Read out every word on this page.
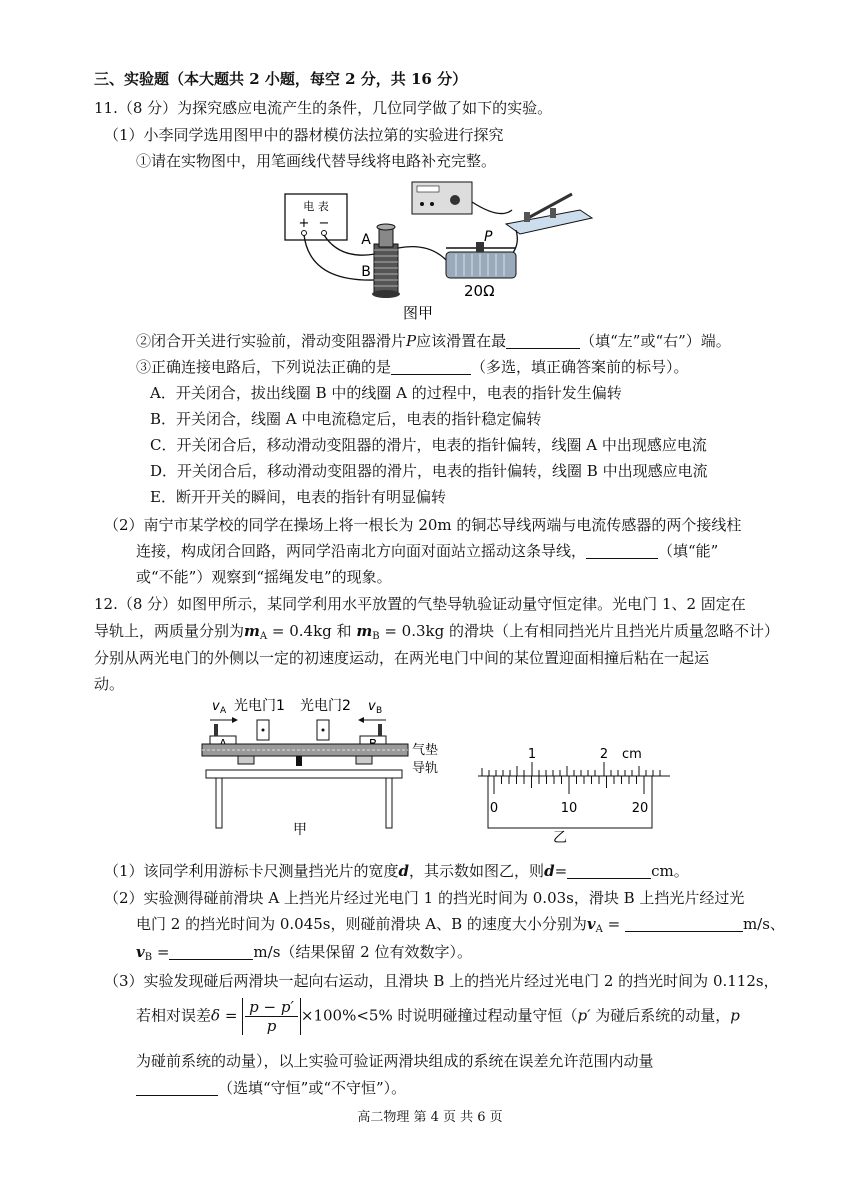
三、实验题（本大题共 2 小题，每空 2 分，共 16 分）
11.（8 分）为探究感应电流产生的条件，几位同学做了如下的实验。
（1）小李同学选用图甲中的器材模仿法拉第的实验进行探究
①请在实物图中，用笔画线代替导线将电路补充完整。
电 表
+ −
A
B
P
20Ω
图甲
②闭合开关进行实验前，滑动变阻器滑片P应该滑置在最	（填“左”或“右”）端。
③正确连接电路后，下列说法正确的是	（多选，填正确答案前的标号）。
A．开关闭合，拔出线圈 B 中的线圈 A 的过程中，电表的指针发生偏转
B．开关闭合，线圈 A 中电流稳定后，电表的指针稳定偏转
C．开关闭合后，移动滑动变阻器的滑片，电表的指针偏转，线圈 A 中出现感应电流
D．开关闭合后，移动滑动变阻器的滑片，电表的指针偏转，线圈 B 中出现感应电流
E．断开开关的瞬间，电表的指针有明显偏转
（2）南宁市某学校的同学在操场上将一根长为 20m 的铜芯导线两端与电流传感器的两个接线柱
连接，构成闭合回路，两同学沿南北方向面对面站立摇动这条导线，	（填“能”
或“不能”）观察到“摇绳发电”的现象。
12.（8 分）如图甲所示，某同学利用水平放置的气垫导轨验证动量守恒定律。光电门 1、2 固定在
导轨上，两质量分别为$m_A = 0.4kg$ 和 $m_B = 0.3kg$ 的滑块（上有相同挡光片且挡光片质量忽略不计）
分别从两光电门的外侧以一定的初速度运动，在两光电门中间的某位置迎面相撞后粘在一起运
动。
v A 光电门1 光电门2 v B
气垫
导轨
甲
1	2 cm
0	10	20
乙
（1）该同学利用游标卡尺测量挡光片的宽度d，其示数如图乙，则d=	cm。
（2）实验测得碰前滑块 A 上挡光片经过光电门 1 的挡光时间为 0.03s，滑块 B 上挡光片经过光
电门 2 的挡光时间为 0.045s，则碰前滑块 A、B 的速度大小分别为$v_A$ =	m/s、
$v_B$ =	m/s（结果保留 2 位有效数字）。
（3）实验发现碰后两滑块一起向右运动，且滑块 B 上的挡光片经过光电门 2 的挡光时间为 0.112s，
若相对误差$\delta = \frac{p - p'}{p} \times 100\%<5\%$ 时说明碰撞过程动量守恒（p′ 为碰后系统的动量，p
为碰前系统的动量），以上实验可验证两滑块组成的系统在误差允许范围内动量
（选填“守恒”或“不守恒”）。
高二物理 第 4 页 共 6 页
